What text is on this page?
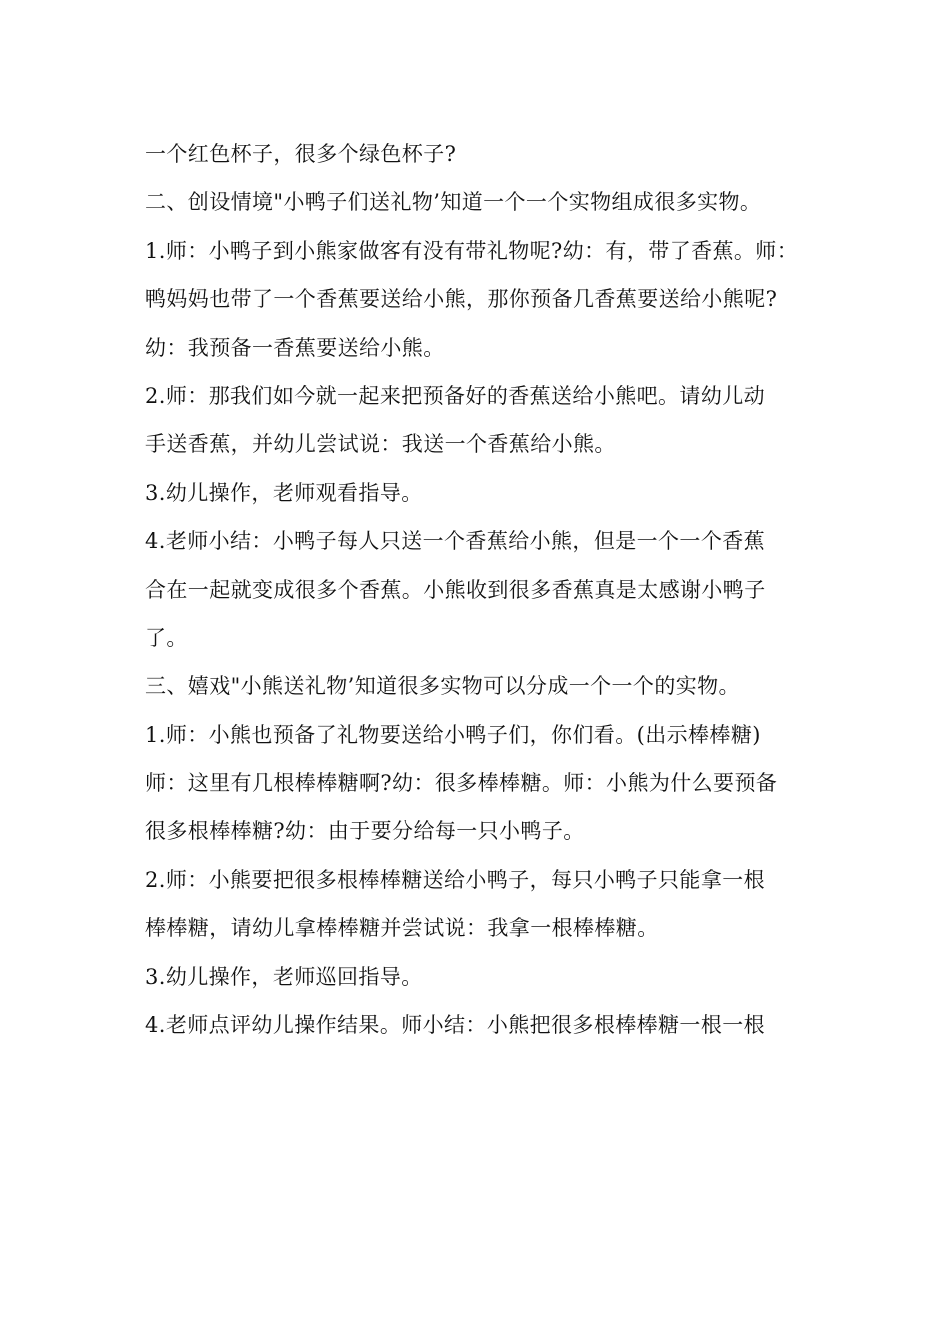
一个红色杯子，很多个绿色杯子?

二、创设情境"小鸭子们送礼物’知道一个一个实物组成很多实物。

1.师：小鸭子到小熊家做客有没有带礼物呢?幼：有，带了香蕉。师：

鸭妈妈也带了一个香蕉要送给小熊，那你预备几香蕉要送给小熊呢?

幼：我预备一香蕉要送给小熊。

2.师：那我们如今就一起来把预备好的香蕉送给小熊吧。请幼儿动

手送香蕉，并幼儿尝试说：我送一个香蕉给小熊。

3.幼儿操作，老师观看指导。

4.老师小结：小鸭子每人只送一个香蕉给小熊，但是一个一个香蕉

合在一起就变成很多个香蕉。小熊收到很多香蕉真是太感谢小鸭子

了。

三、嬉戏"小熊送礼物’知道很多实物可以分成一个一个的实物。

1.师：小熊也预备了礼物要送给小鸭子们，你们看。(出示棒棒糖)

师：这里有几根棒棒糖啊?幼：很多棒棒糖。师：小熊为什么要预备

很多根棒棒糖?幼：由于要分给每一只小鸭子。

2.师：小熊要把很多根棒棒糖送给小鸭子，每只小鸭子只能拿一根

棒棒糖，请幼儿拿棒棒糖并尝试说：我拿一根棒棒糖。

3.幼儿操作，老师巡回指导。

4.老师点评幼儿操作结果。师小结：小熊把很多根棒棒糖一根一根
